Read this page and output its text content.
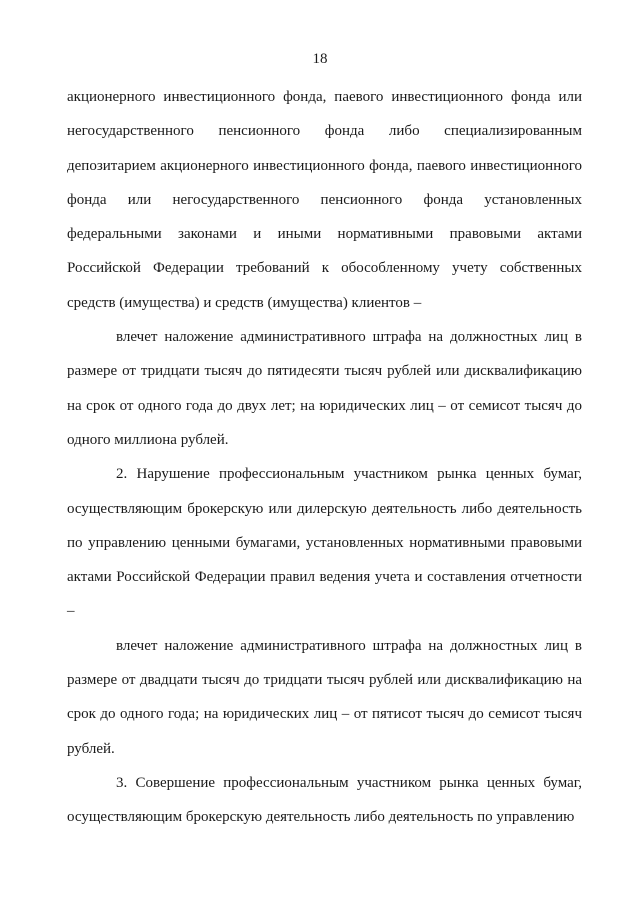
18

акционерного инвестиционного фонда, паевого инвестиционного фонда или негосударственного пенсионного фонда либо специализированным депозитарием акционерного инвестиционного фонда, паевого инвестиционного фонда или негосударственного пенсионного фонда установленных федеральными законами и иными нормативными правовыми актами Российской Федерации требований к обособленному учету собственных средств (имущества) и средств (имущества) клиентов –

влечет наложение административного штрафа на должностных лиц в размере от тридцати тысяч до пятидесяти тысяч рублей или дисквалификацию на срок от одного года до двух лет; на юридических лиц – от семисот тысяч до одного миллиона рублей.

2. Нарушение профессиональным участником рынка ценных бумаг, осуществляющим брокерскую или дилерскую деятельность либо деятельность по управлению ценными бумагами, установленных нормативными правовыми актами Российской Федерации правил ведения учета и составления отчетности –

влечет наложение административного штрафа на должностных лиц в размере от двадцати тысяч до тридцати тысяч рублей или дисквалификацию на срок до одного года; на юридических лиц – от пятисот тысяч до семисот тысяч рублей.

3. Совершение профессиональным участником рынка ценных бумаг, осуществляющим брокерскую деятельность либо деятельность по управлению
